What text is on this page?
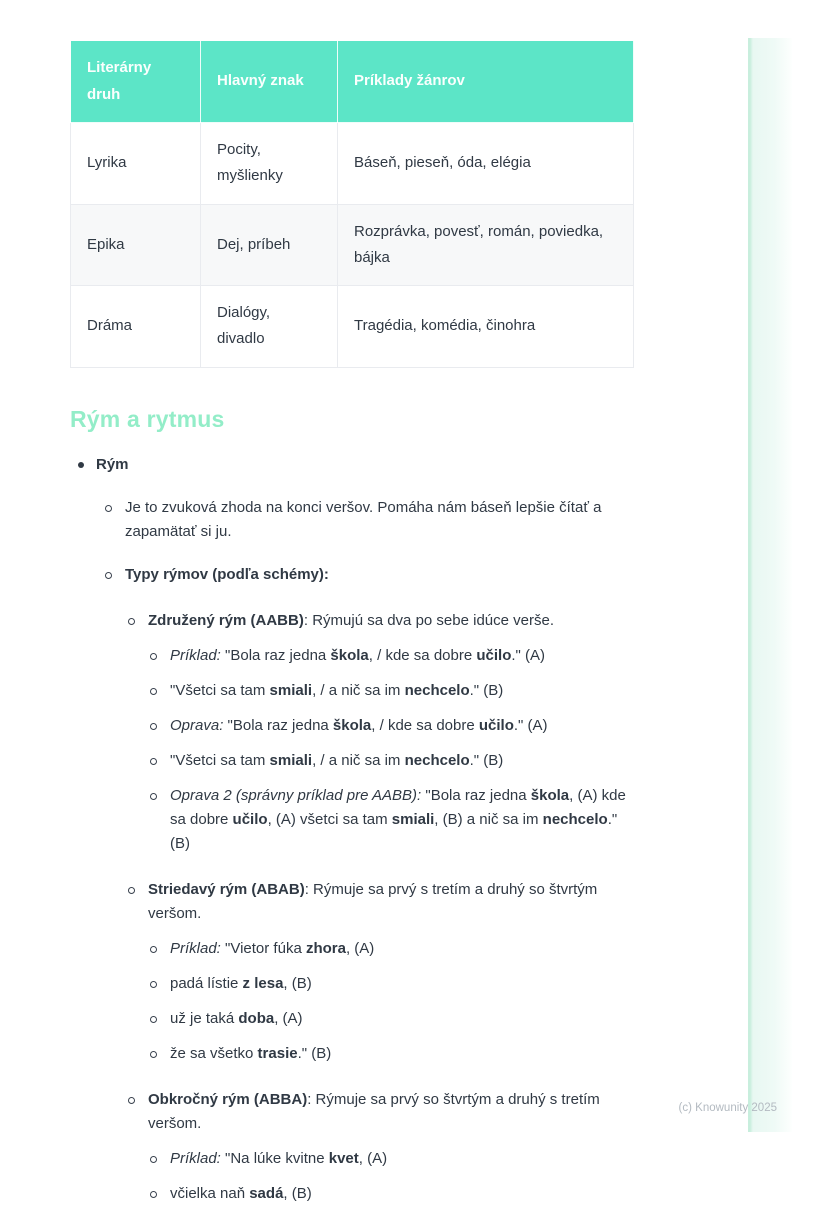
Literárny druh	Hlavný znak	Príklady žánrov
Lyrika	Pocity, myšlienky	Báseň, pieseň, óda, elégia
Epika	Dej, príbeh	Rozprávka, povesť, román, poviedka, bájka
Dráma	Dialógy, divadlo	Tragédia, komédia, činohra
Rým a rytmus
Rým
Je to zvuková zhoda na konci veršov. Pomáha nám báseň lepšie čítať a zapamätať si ju.
Typy rýmov (podľa schémy):
Združený rým (AABB): Rýmujú sa dva po sebe idúce verše.
Príklad: "Bola raz jedna škola, / kde sa dobre učilo." (A)
"Všetci sa tam smiali, / a nič sa im nechcelo." (B)
Oprava: "Bola raz jedna škola, / kde sa dobre učilo." (A)
"Všetci sa tam smiali, / a nič sa im nechcelo." (B)
Oprava 2 (správny príklad pre AABB): "Bola raz jedna škola, (A) kde sa dobre učilo, (A) všetci sa tam smiali, (B) a nič sa im nechcelo." (B)
Striedavý rým (ABAB): Rýmuje sa prvý s tretím a druhý so štvrtým veršom.
Príklad: "Vietor fúka zhora, (A)
padá lístie z lesa, (B)
už je taká doba, (A)
že sa všetko trasie." (B)
Obkročný rým (ABBA): Rýmuje sa prvý so štvrtým a druhý s tretím veršom.
Príklad: "Na lúke kvitne kvet, (A)
včielka naň sadá, (B)
(c) Knowunity 2025
